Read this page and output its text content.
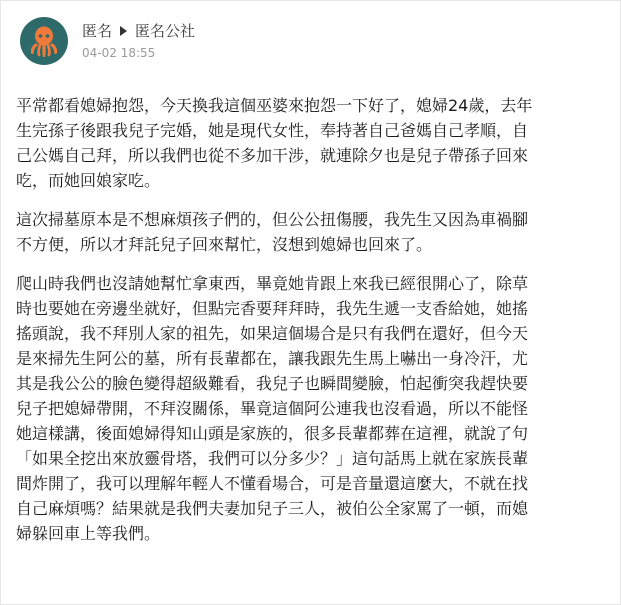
匿名 匿名公社
04-02 18:55

平常都看媳婦抱怨，今天換我這個巫婆來抱怨一下好了，媳婦24歲，去年
生完孫子後跟我兒子完婚，她是現代女性，奉持著自己爸媽自己孝順，自
己公媽自己拜，所以我們也從不多加干涉，就連除夕也是兒子帶孫子回來
吃，而她回娘家吃。

這次掃墓原本是不想麻煩孩子們的，但公公扭傷腰，我先生又因為車禍腳
不方便，所以才拜託兒子回來幫忙，沒想到媳婦也回來了。

爬山時我們也沒請她幫忙拿東西，畢竟她肯跟上來我已經很開心了，除草
時也要她在旁邊坐就好，但點完香要拜拜時，我先生遞一支香給她，她搖
搖頭說，我不拜別人家的祖先，如果這個場合是只有我們在還好，但今天
是來掃先生阿公的墓，所有長輩都在，讓我跟先生馬上嚇出一身冷汗，尤
其是我公公的臉色變得超級難看，我兒子也瞬間變臉，怕起衝突我趕快要
兒子把媳婦帶開，不拜沒關係，畢竟這個阿公連我也沒看過，所以不能怪
她這樣講，後面媳婦得知山頭是家族的，很多長輩都葬在這裡，就說了句
「如果全挖出來放靈骨塔，我們可以分多少？」這句話馬上就在家族長輩
間炸開了，我可以理解年輕人不懂看場合，可是音量還這麼大，不就在找
自己麻煩嗎？結果就是我們夫妻加兒子三人，被伯公全家罵了一頓，而媳
婦躲回車上等我們。
